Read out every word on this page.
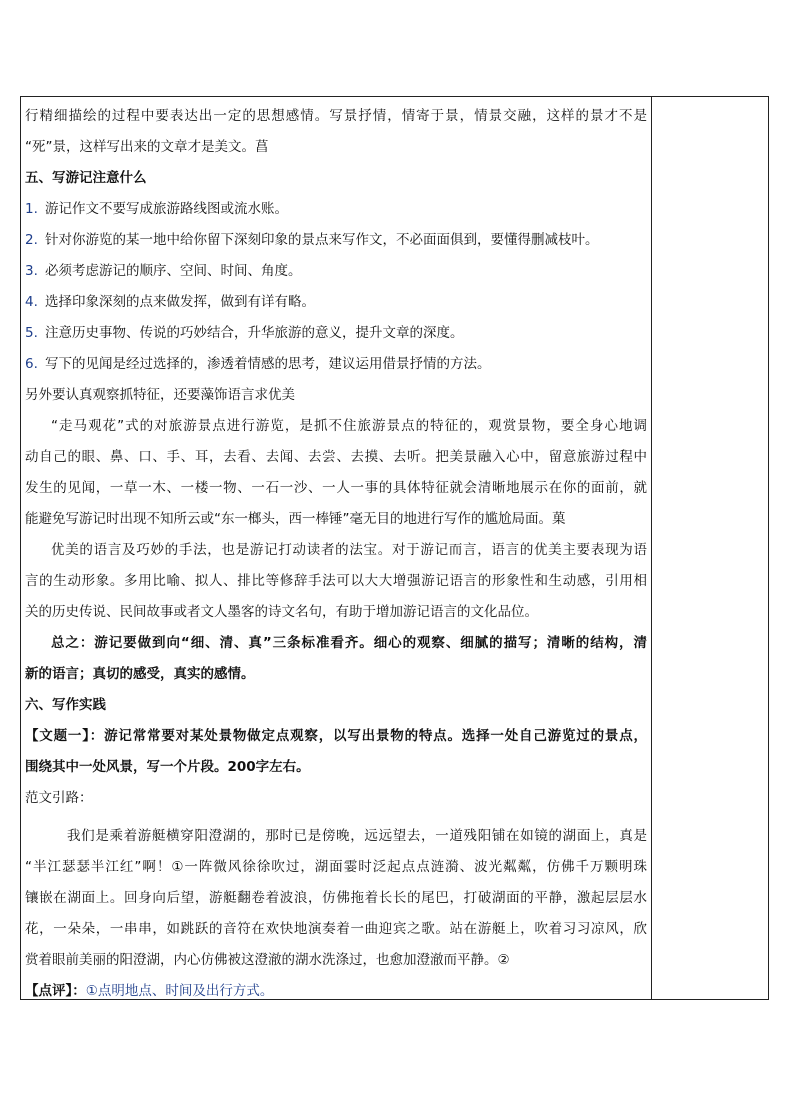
行精细描绘的过程中要表达出一定的思想感情。写景抒情，情寄于景，情景交融，这样的景才不是
“死”景，这样写出来的文章才是美文。菖
五、写游记注意什么
1. 游记作文不要写成旅游路线图或流水账。
2. 针对你游览的某一地中给你留下深刻印象的景点来写作文，不必面面俱到，要懂得删减枝叶。
3. 必须考虑游记的顺序、空间、时间、角度。
4. 选择印象深刻的点来做发挥，做到有详有略。
5. 注意历史事物、传说的巧妙结合，升华旅游的意义，提升文章的深度。
6. 写下的见闻是经过选择的，渗透着情感的思考，建议运用借景抒情的方法。
另外要认真观察抓特征，还要藻饰语言求优美
“走马观花”式的对旅游景点进行游览，是抓不住旅游景点的特征的，观赏景物，要全身心地调
动自己的眼、鼻、口、手、耳，去看、去闻、去尝、去摸、去听。把美景融入心中，留意旅游过程中
发生的见闻，一草一木、一楼一物、一石一沙、一人一事的具体特征就会清晰地展示在你的面前，就
能避免写游记时出现不知所云或“东一榔头，西一棒锤”毫无目的地进行写作的尴尬局面。菓
优美的语言及巧妙的手法，也是游记打动读者的法宝。对于游记而言，语言的优美主要表现为语
言的生动形象。多用比喻、拟人、排比等修辞手法可以大大增强游记语言的形象性和生动感，引用相
关的历史传说、民间故事或者文人墨客的诗文名句，有助于增加游记语言的文化品位。
总之：游记要做到向“细、清、真”三条标准看齐。细心的观察、细腻的描写；清晰的结构，清
新的语言；真切的感受，真实的感情。
六、写作实践
【文题一】：游记常常要对某处景物做定点观察，以写出景物的特点。选择一处自己游览过的景点，
围绕其中一处风景，写一个片段。200字左右。
范文引路：
我们是乘着游艇横穿阳澄湖的，那时已是傍晚，远远望去，一道残阳铺在如镜的湖面上，真是
“半江瑟瑟半江红”啊！①一阵微风徐徐吹过，湖面霎时泛起点点涟漪、波光粼粼，仿佛千万颗明珠
镶嵌在湖面上。回身向后望，游艇翻卷着波浪，仿佛拖着长长的尾巴，打破湖面的平静，激起层层水
花，一朵朵，一串串，如跳跃的音符在欢快地演奏着一曲迎宾之歌。站在游艇上，吹着习习凉风，欣
赏着眼前美丽的阳澄湖，内心仿佛被这澄澈的湖水洗涤过，也愈加澄澈而平静。②
【点评】：①点明地点、时间及出行方式。
